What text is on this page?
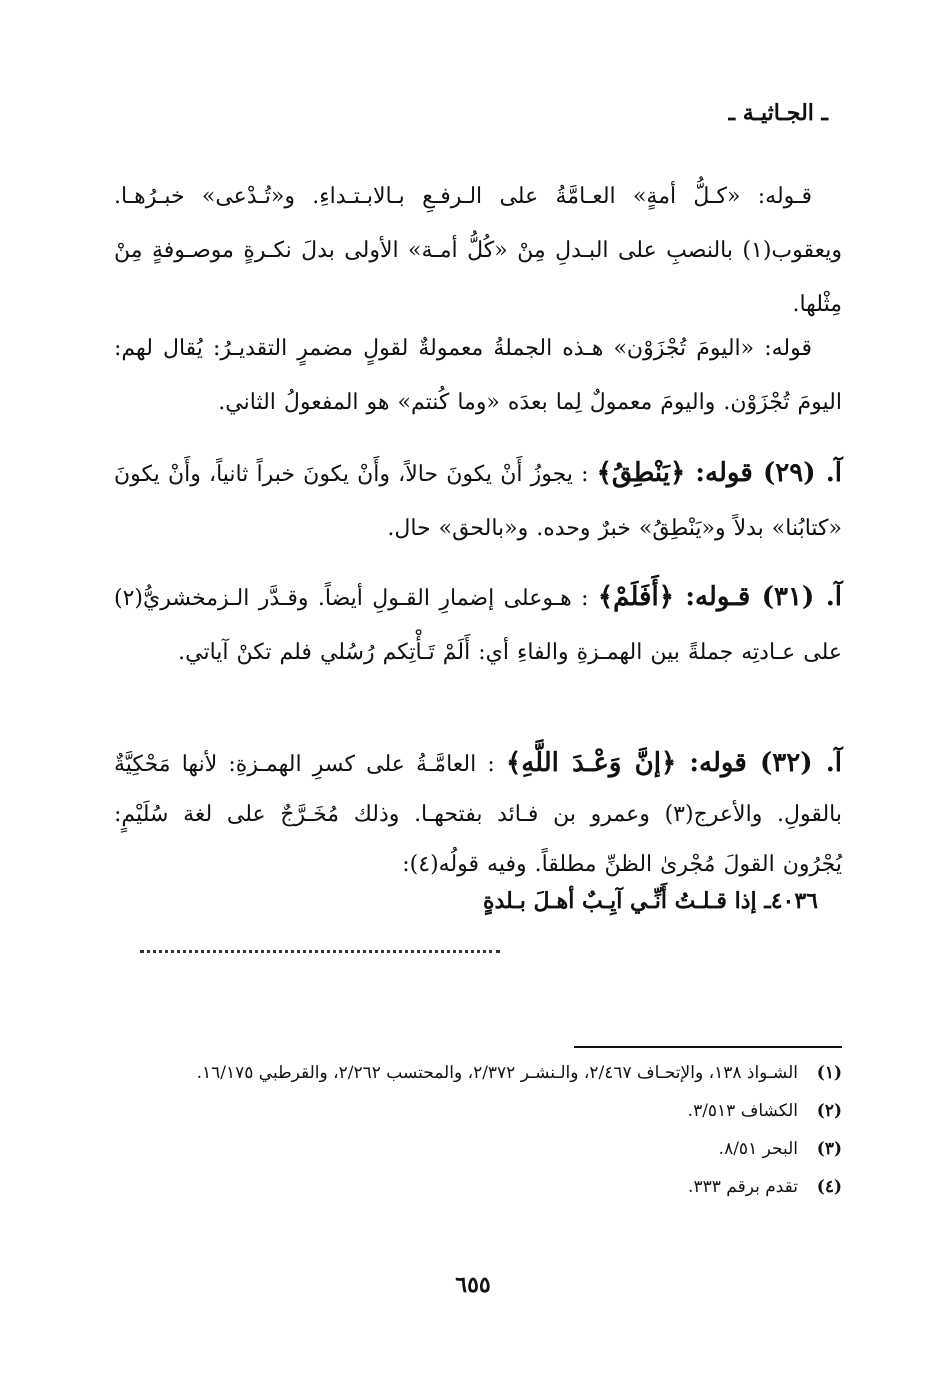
ـ الجـاثيـة ـ
قـوله: «كـلُّ أمةٍ» العـامَّةُ على الـرفـعِ بـالابـتـداءِ. و«تُـدْعى» خبـرُهـا. ويعقوب(١) بالنصبِ على البـدلِ مِنْ «كُلُّ أمـة» الأولى بدلَ نكـرةٍ موصـوفةٍ مِنْ مِثْلها.
قوله: «اليومَ تُجْزَوْن» هـذه الجملةُ معمولةٌ لقولٍ مضمرٍ التقديـرُ: يُقال لهم: اليومَ تُجْزَوْن. واليومَ معمولٌ لِما بعدَه «وما كُنتم» هو المفعولُ الثاني.
آ. (٢٩) قوله: ﴿يَنْطِقُ﴾ : يجوزُ أَنْ يكونَ حالاً، وأَنْ يكونَ خبراً ثانياً، وأَنْ يكونَ «كتابُنا» بدلاً و«يَنْطِقُ» خبرٌ وحده. و«بالحق» حال.
آ. (٣١) قـوله: ﴿أَفَلَمْ﴾ : هـوعلى إضمارِ القـولِ أيضاً. وقـدَّر الـزمخشريُّ(٢) على عـادتِه جملةً بين الهمـزةِ والفاءِ أي: أَلَمْ تَـأْتِكم رُسُلي فلم تكنْ آياتي.
آ. (٣٢) قوله: ﴿إنَّ وَعْـدَ اللَّهِ﴾ : العامَّـةُ على كسرِ الهمـزةِ: لأنها مَحْكِيَّةٌ بالقولِ. والأعرج(٣) وعمرو بن فـائد بفتحهـا. وذلك مُخَـرَّجٌ على لغة سُلَيْمٍ: يُجْرُون القولَ مُجْرىٰ الظنِّ مطلقاً. وفيه قولُه(٤):
٤٠٣٦ـ إذا قـلـتُ أَنِّـي آيِـبٌ أهـلَ بـلدةٍ
(١)
الشـواذ ١٣٨، والإتحـاف ٢/٤٦٧، والـنشـر ٢/٣٧٢، والمحتسب ٢/٢٦٢، والقرطبي ١٦/١٧٥.
(٢)
الكشاف ٣/٥١٣.
(٣)
البحر ٨/٥١.
(٤)
تقدم برقم ٣٣٣.
٦٥٥
